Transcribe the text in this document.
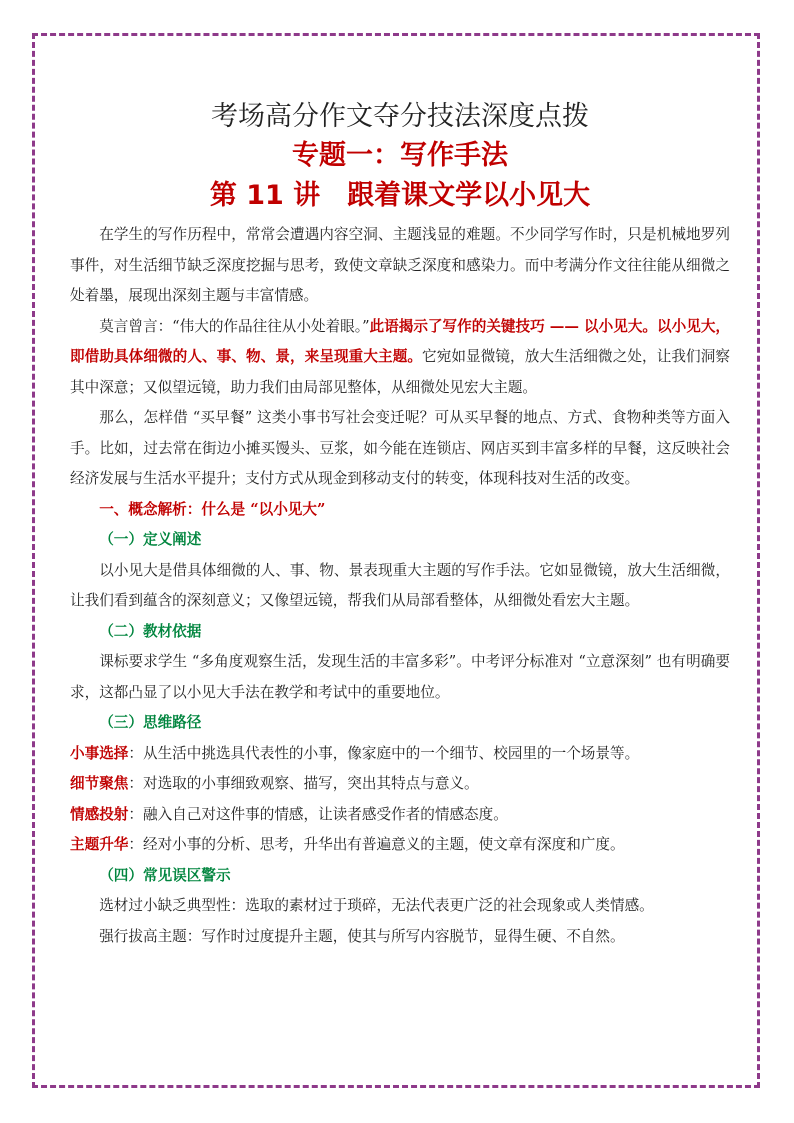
考场高分作文夺分技法深度点拨
专题一：写作手法
第 11 讲　跟着课文学以小见大

在学生的写作历程中，常常会遭遇内容空洞、主题浅显的难题。不少同学写作时，只是机械地罗列事件，对生活细节缺乏深度挖掘与思考，致使文章缺乏深度和感染力。而中考满分作文往往能从细微之处着墨，展现出深刻主题与丰富情感。

莫言曾言：“伟大的作品往往从小处着眼。”此语揭示了写作的关键技巧 —— 以小见大。以小见大，即借助具体细微的人、事、物、景，来呈现重大主题。它宛如显微镜，放大生活细微之处，让我们洞察其中深意；又似望远镜，助力我们由局部见整体，从细微处见宏大主题。

那么，怎样借 “买早餐” 这类小事书写社会变迁呢？可从买早餐的地点、方式、食物种类等方面入手。比如，过去常在街边小摊买馒头、豆浆，如今能在连锁店、网店买到丰富多样的早餐，这反映社会经济发展与生活水平提升；支付方式从现金到移动支付的转变，体现科技对生活的改变。

一、概念解析：什么是 “以小见大”

（一）定义阐述

以小见大是借具体细微的人、事、物、景表现重大主题的写作手法。它如显微镜，放大生活细微，让我们看到蕴含的深刻意义；又像望远镜，帮我们从局部看整体，从细微处看宏大主题。

（二）教材依据

课标要求学生 “多角度观察生活，发现生活的丰富多彩”。中考评分标准对 “立意深刻” 也有明确要求，这都凸显了以小见大手法在教学和考试中的重要地位。

（三）思维路径

小事选择：从生活中挑选具代表性的小事，像家庭中的一个细节、校园里的一个场景等。

细节聚焦：对选取的小事细致观察、描写，突出其特点与意义。

情感投射：融入自己对这件事的情感，让读者感受作者的情感态度。

主题升华：经对小事的分析、思考，升华出有普遍意义的主题，使文章有深度和广度。

（四）常见误区警示

选材过小缺乏典型性：选取的素材过于琐碎，无法代表更广泛的社会现象或人类情感。

强行拔高主题：写作时过度提升主题，使其与所写内容脱节，显得生硬、不自然。
